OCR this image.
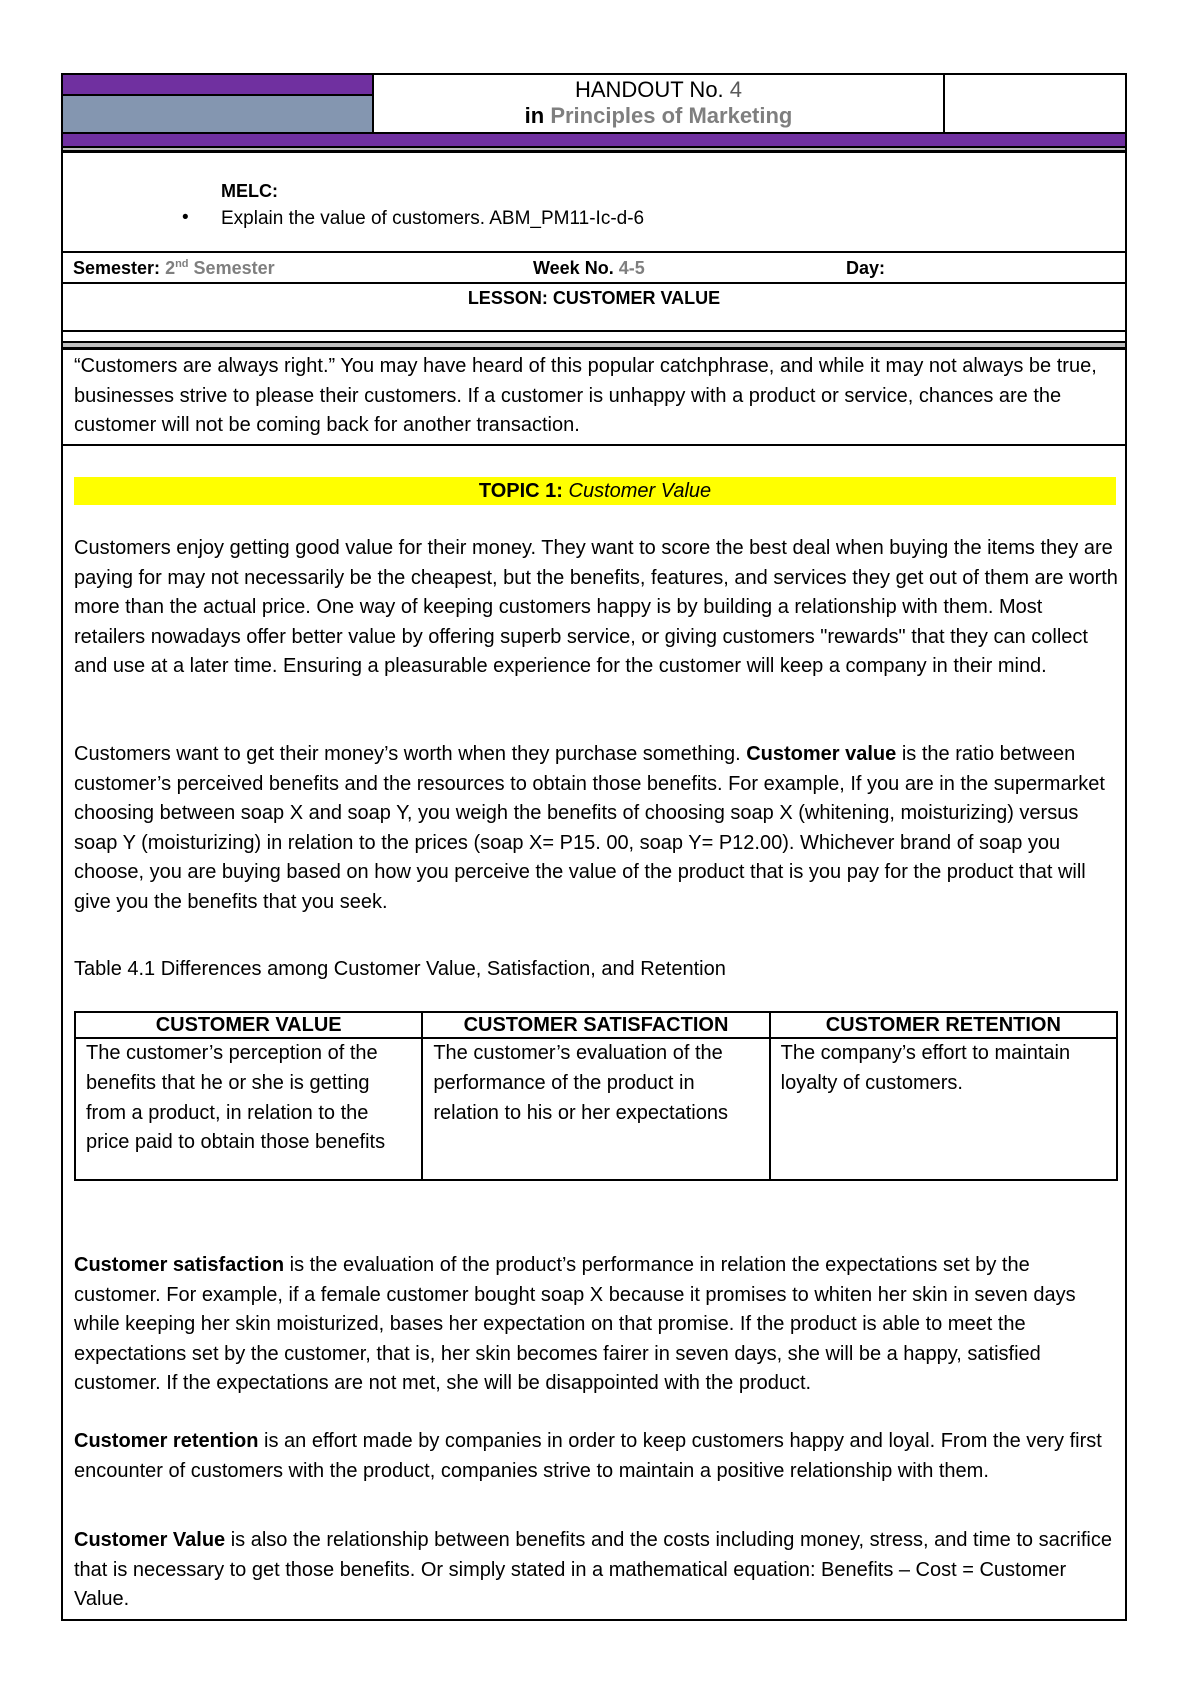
HANDOUT No. 4
in Principles of Marketing
MELC:
• Explain the value of customers. ABM_PM11-Ic-d-6
Semester: 2nd Semester	Week No. 4-5	Day:
LESSON: CUSTOMER VALUE

“Customers are always right.” You may have heard of this popular catchphrase, and while it may not always be true, businesses strive to please their customers. If a customer is unhappy with a product or service, chances are the customer will not be coming back for another transaction.

TOPIC 1: Customer Value

Customers enjoy getting good value for their money. They want to score the best deal when buying the items they are paying for may not necessarily be the cheapest, but the benefits, features, and services they get out of them are worth more than the actual price. One way of keeping customers happy is by building a relationship with them. Most retailers nowadays offer better value by offering superb service, or giving customers "rewards" that they can collect and use at a later time. Ensuring a pleasurable experience for the customer will keep a company in their mind.

Customers want to get their money’s worth when they purchase something. Customer value is the ratio between customer’s perceived benefits and the resources to obtain those benefits. For example, If you are in the supermarket choosing between soap X and soap Y, you weigh the benefits of choosing soap X (whitening, moisturizing) versus soap Y (moisturizing) in relation to the prices (soap X= P15. 00, soap Y= P12.00). Whichever brand of soap you choose, you are buying based on how you perceive the value of the product that is you pay for the product that will give you the benefits that you seek.

Table 4.1 Differences among Customer Value, Satisfaction, and Retention

CUSTOMER VALUE	CUSTOMER SATISFACTION	CUSTOMER RETENTION
The customer’s perception of the benefits that he or she is getting from a product, in relation to the price paid to obtain those benefits	The customer’s evaluation of the performance of the product in relation to his or her expectations	The company’s effort to maintain loyalty of customers.

Customer satisfaction is the evaluation of the product’s performance in relation the expectations set by the customer. For example, if a female customer bought soap X because it promises to whiten her skin in seven days while keeping her skin moisturized, bases her expectation on that promise. If the product is able to meet the expectations set by the customer, that is, her skin becomes fairer in seven days, she will be a happy, satisfied customer. If the expectations are not met, she will be disappointed with the product.

Customer retention is an effort made by companies in order to keep customers happy and loyal. From the very first encounter of customers with the product, companies strive to maintain a positive relationship with them.

Customer Value is also the relationship between benefits and the costs including money, stress, and time to sacrifice that is necessary to get those benefits. Or simply stated in a mathematical equation: Benefits – Cost = Customer Value.
